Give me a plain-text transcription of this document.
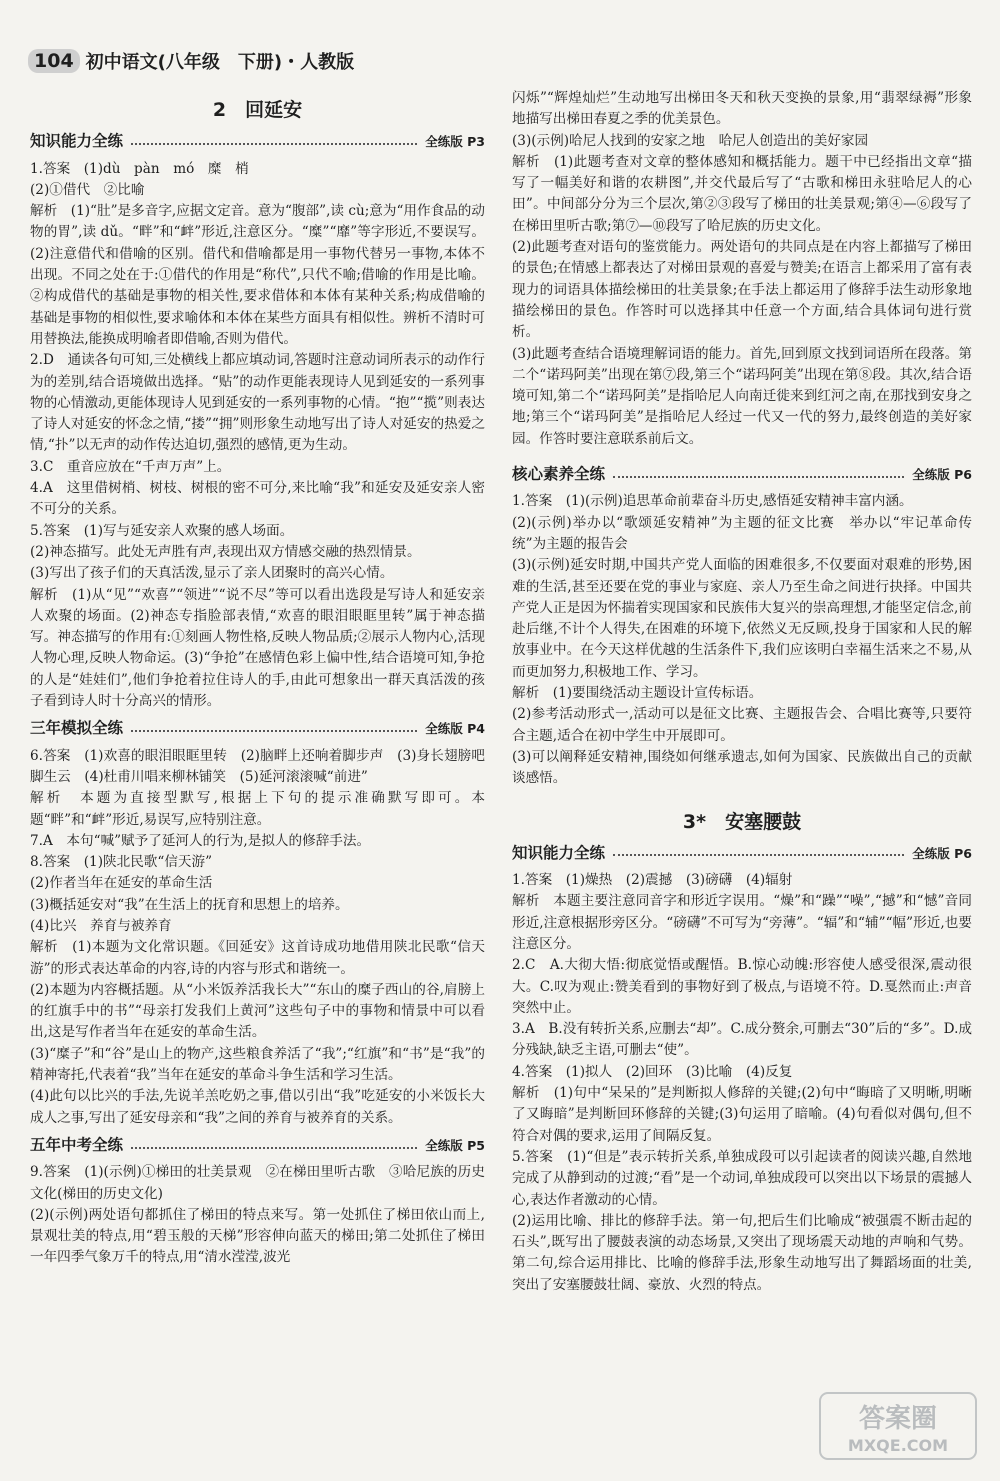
104 初中语文(八年级　下册)・人教版
2　回延安
知识能力全练	全练版 P3

1.答案　(1)dù　pàn　mó　糜　梢

(2)①借代　②比喻

解析　(1)“肚”是多音字,应据文定音。意为“腹部”,读 cù;意为“用作食品的动物的胃”,读 dǔ。“畔”和“衅”形近,注意区分。“糜”“靡”等字形近,不要误写。(2)注意借代和借喻的区别。借代和借喻都是用一事物代替另一事物,本体不出现。不同之处在于:①借代的作用是“称代”,只代不喻;借喻的作用是比喻。②构成借代的基础是事物的相关性,要求借体和本体有某种关系;构成借喻的基础是事物的相似性,要求喻体和本体在某些方面具有相似性。辨析不清时可用替换法,能换成明喻者即借喻,否则为借代。

2.D　通读各句可知,三处横线上都应填动词,答题时注意动词所表示的动作行为的差别,结合语境做出选择。“贴”的动作更能表现诗人见到延安的一系列事物的心情激动,更能体现诗人见到延安的一系列事物的心情。“抱”“揽”则表达了诗人对延安的怀念之情,“搂”“拥”则形象生动地写出了诗人对延安的热爱之情,“扑”以无声的动作传达迫切,强烈的感情,更为生动。

3.C　重音应放在“千声万声”上。

4.A　这里借树梢、树枝、树根的密不可分,来比喻“我”和延安及延安亲人密不可分的关系。

5.答案　(1)写与延安亲人欢聚的感人场面。

(2)神态描写。此处无声胜有声,表现出双方情感交融的热烈情景。

(3)写出了孩子们的天真活泼,显示了亲人团聚时的高兴心情。

解析　(1)从“见”“欢喜”“领进”“说不尽”等可以看出选段是写诗人和延安亲人欢聚的场面。(2)神态专指脸部表情,“欢喜的眼泪眼眶里转”属于神态描写。神态描写的作用有:①刻画人物性格,反映人物品质;②展示人物内心,活现人物心理,反映人物命运。(3)“争抢”在感情色彩上偏中性,结合语境可知,争抢的人是“娃娃们”,他们争抢着拉住诗人的手,由此可想象出一群天真活泼的孩子看到诗人时十分高兴的情形。

三年模拟全练	全练版 P4

6.答案　(1)欢喜的眼泪眼眶里转　(2)脑畔上还响着脚步声　(3)身长翅膀吧脚生云　(4)杜甫川唱来柳林铺笑　(5)延河滚滚喊“前进”

解析　本题为直接型默写,根据上下句的提示准确默写即可。本题“畔”和“衅”形近,易误写,应特别注意。

7.A　本句“喊”赋予了延河人的行为,是拟人的修辞手法。

8.答案　(1)陕北民歌“信天游”

(2)作者当年在延安的革命生活

(3)概括延安对“我”在生活上的抚育和思想上的培养。

(4)比兴　养育与被养育

解析　(1)本题为文化常识题。《回延安》这首诗成功地借用陕北民歌“信天游”的形式表达革命的内容,诗的内容与形式和谐统一。

(2)本题为内容概括题。从“小米饭养活我长大”“东山的糜子西山的谷,肩膀上的红旗手中的书”“母亲打发我们上黄河”这些句子中的事物和情景中可以看出,这是写作者当年在延安的革命生活。

(3)“糜子”和“谷”是山上的物产,这些粮食养活了“我”;“红旗”和“书”是“我”的精神寄托,代表着“我”当年在延安的革命斗争生活和学习生活。

(4)此句以比兴的手法,先说羊羔吃奶之事,借以引出“我”吃延安的小米饭长大成人之事,写出了延安母亲和“我”之间的养育与被养育的关系。

五年中考全练	全练版 P5

9.答案　(1)(示例)①梯田的壮美景观　②在梯田里听古歌　③哈尼族的历史文化(梯田的历史文化)

(2)(示例)两处语句都抓住了梯田的特点来写。第一处抓住了梯田依山而上,景观壮美的特点,用“碧玉般的天梯”形容伸向蓝天的梯田;第二处抓住了梯田一年四季气象万千的特点,用“清水滢滢,波光

闪烁”“辉煌灿烂”生动地写出梯田冬天和秋天变换的景象,用“翡翠绿褥”形象地描写出梯田春夏之季的优美景色。

(3)(示例)哈尼人找到的安家之地　哈尼人创造出的美好家园

解析　(1)此题考查对文章的整体感知和概括能力。题干中已经指出文章“描写了一幅美好和谐的农耕图”,并交代最后写了“古歌和梯田永驻哈尼人的心田”。中间部分分为三个层次,第②③段写了梯田的壮美景观;第④—⑥段写了在梯田里听古歌;第⑦—⑩段写了哈尼族的历史文化。

(2)此题考查对语句的鉴赏能力。两处语句的共同点是在内容上都描写了梯田的景色;在情感上都表达了对梯田景观的喜爱与赞美;在语言上都采用了富有表现力的词语具体描绘梯田的壮美景象;在手法上都运用了修辞手法生动形象地描绘梯田的景色。作答时可以选择其中任意一个方面,结合具体词句进行赏析。

(3)此题考查结合语境理解词语的能力。首先,回到原文找到词语所在段落。第二个“诺玛阿美”出现在第⑦段,第三个“诺玛阿美”出现在第⑧段。其次,结合语境可知,第二个“诺玛阿美”是指哈尼人向南迁徙来到红河之南,在那找到安身之地;第三个“诺玛阿美”是指哈尼人经过一代又一代的努力,最终创造的美好家园。作答时要注意联系前后文。

核心素养全练	全练版 P6

1.答案　(1)(示例)追思革命前辈奋斗历史,感悟延安精神丰富内涵。

(2)(示例)举办以“歌颂延安精神”为主题的征文比赛　举办以“牢记革命传统”为主题的报告会

(3)(示例)延安时期,中国共产党人面临的困难很多,不仅要面对艰难的形势,困难的生活,甚至还要在党的事业与家庭、亲人乃至生命之间进行抉择。中国共产党人正是因为怀揣着实现国家和民族伟大复兴的崇高理想,才能坚定信念,前赴后继,不计个人得失,在困难的环境下,依然义无反顾,投身于国家和人民的解放事业中。在今天这样优越的生活条件下,我们应该明白幸福生活来之不易,从而更加努力,积极地工作、学习。

解析　(1)要围绕活动主题设计宣传标语。

(2)参考活动形式一,活动可以是征文比赛、主题报告会、合唱比赛等,只要符合主题,适合在初中学生中开展即可。

(3)可以阐释延安精神,围绕如何继承遗志,如何为国家、民族做出自己的贡献谈感悟。

3*　安塞腰鼓
知识能力全练	全练版 P6

1.答案　(1)燥热　(2)震撼　(3)磅礴　(4)辐射

解析　本题主要注意同音字和形近字误用。“燥”和“躁”“噪”,“撼”和“憾”音同形近,注意根据形旁区分。“磅礴”不可写为“旁薄”。“辐”和“辅”“幅”形近,也要注意区分。

2.C　A.大彻大悟:彻底觉悟或醒悟。B.惊心动魄:形容使人感受很深,震动很大。C.叹为观止:赞美看到的事物好到了极点,与语境不符。D.戛然而止:声音突然中止。

3.A　B.没有转折关系,应删去“却”。C.成分赘余,可删去“30”后的“多”。D.成分残缺,缺乏主语,可删去“使”。

4.答案　(1)拟人　(2)回环　(3)比喻　(4)反复

解析　(1)句中“呆呆的”是判断拟人修辞的关键;(2)句中“晦暗了又明晰,明晰了又晦暗”是判断回环修辞的关键;(3)句运用了暗喻。(4)句看似对偶句,但不符合对偶的要求,运用了间隔反复。

5.答案　(1)“但是”表示转折关系,单独成段可以引起读者的阅读兴趣,自然地完成了从静到动的过渡;“看”是一个动词,单独成段可以突出以下场景的震撼人心,表达作者激动的心情。

(2)运用比喻、排比的修辞手法。第一句,把后生们比喻成“被强震不断击起的石头”,既写出了腰鼓表演的动态场景,又突出了现场震天动地的声响和气势。第二句,综合运用排比、比喻的修辞手法,形象生动地写出了舞蹈场面的壮美,突出了安塞腰鼓壮阔、豪放、火烈的特点。

答案圈
MXQE.COM
